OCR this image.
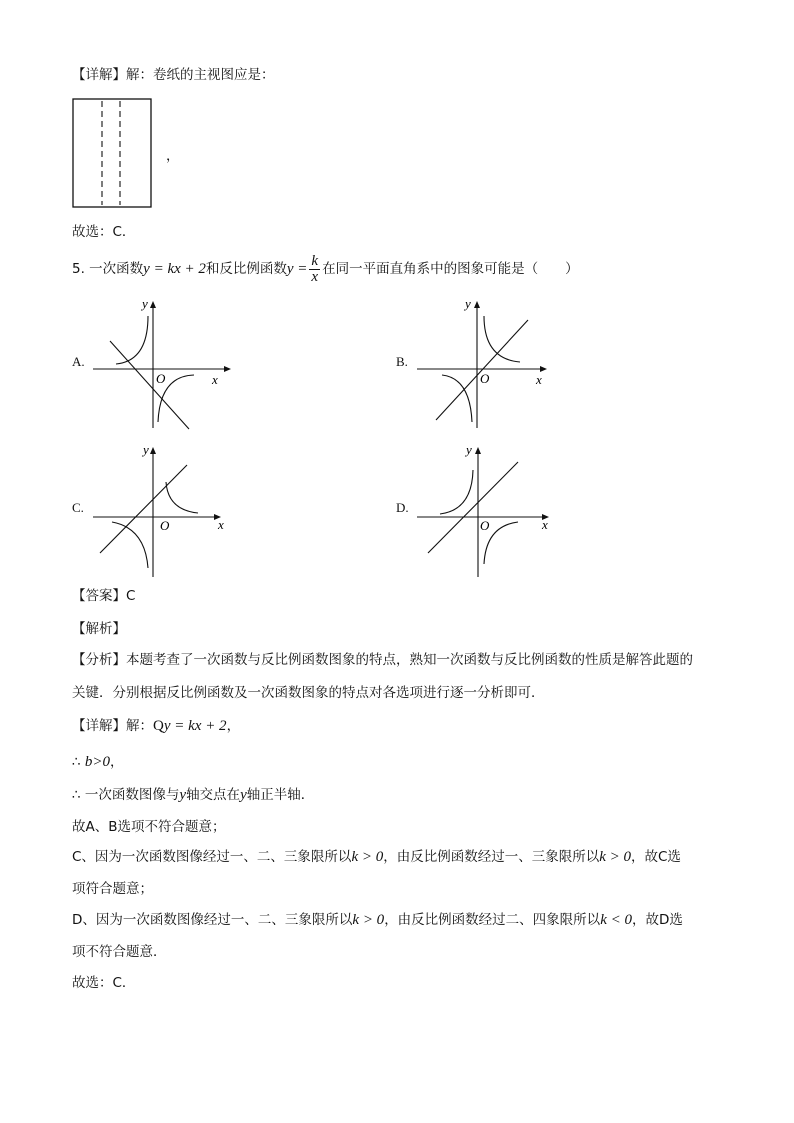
【详解】解：卷纸的主视图应是：
，
故选：C．
5. 一次函数y = kx + 2和反比例函数$y = \frac{k}{x}$ 在同一平面直角系中的图象可能是（　　）
A.
x
y
O
B.
x
y
O
C.
x
y
O
D.
x
y
O
【答案】C
【解析】
【分析】本题考查了一次函数与反比例函数图象的特点，熟知一次函数与反比例函数的性质是解答此题的
关键．分别根据反比例函数及一次函数图象的特点对各选项进行逐一分析即可．
【详解】解：Qy = kx + 2，
∴ b>0，
∴ 一次函数图像与y轴交点在y轴正半轴．
故A、B选项不符合题意；
C、因为一次函数图像经过一、二、三象限所以k > 0，由反比例函数经过一、三象限所以k > 0，故C选
项符合题意；
D、因为一次函数图像经过一、二、三象限所以k > 0，由反比例函数经过二、四象限所以k < 0，故D选
项不符合题意．
故选：C．
